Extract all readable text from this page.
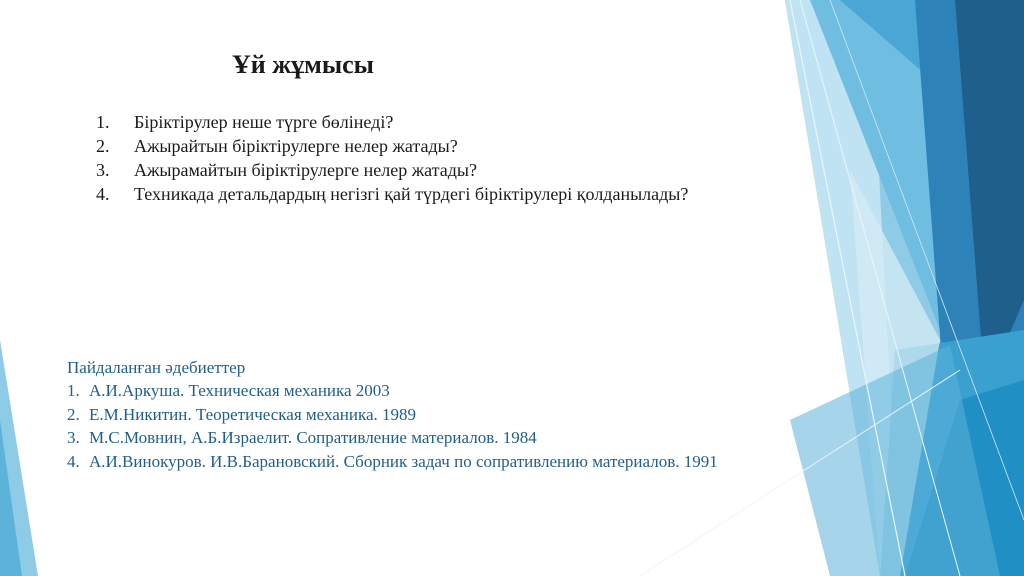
Ұй жұмысы
1. Біріктірулер неше түрге бөлінеді?
2. Ажырайтын біріктірулерге нелер жатады?
3. Ажырамайтын біріктірулерге нелер жатады?
4. Техникада детальдардың негізгі қай түрдегі біріктірулері қолданылады?
Пайдаланған әдебиеттер
1. А.И.Аркуша. Техническая механика 2003
2. Е.М.Никитин. Теоретическая механика. 1989
3. М.С.Мовнин, А.Б.Израелит. Сопративление материалов. 1984
4. А.И.Винокуров. И.В.Барановский. Сборник задач по сопративлению материалов. 1991
